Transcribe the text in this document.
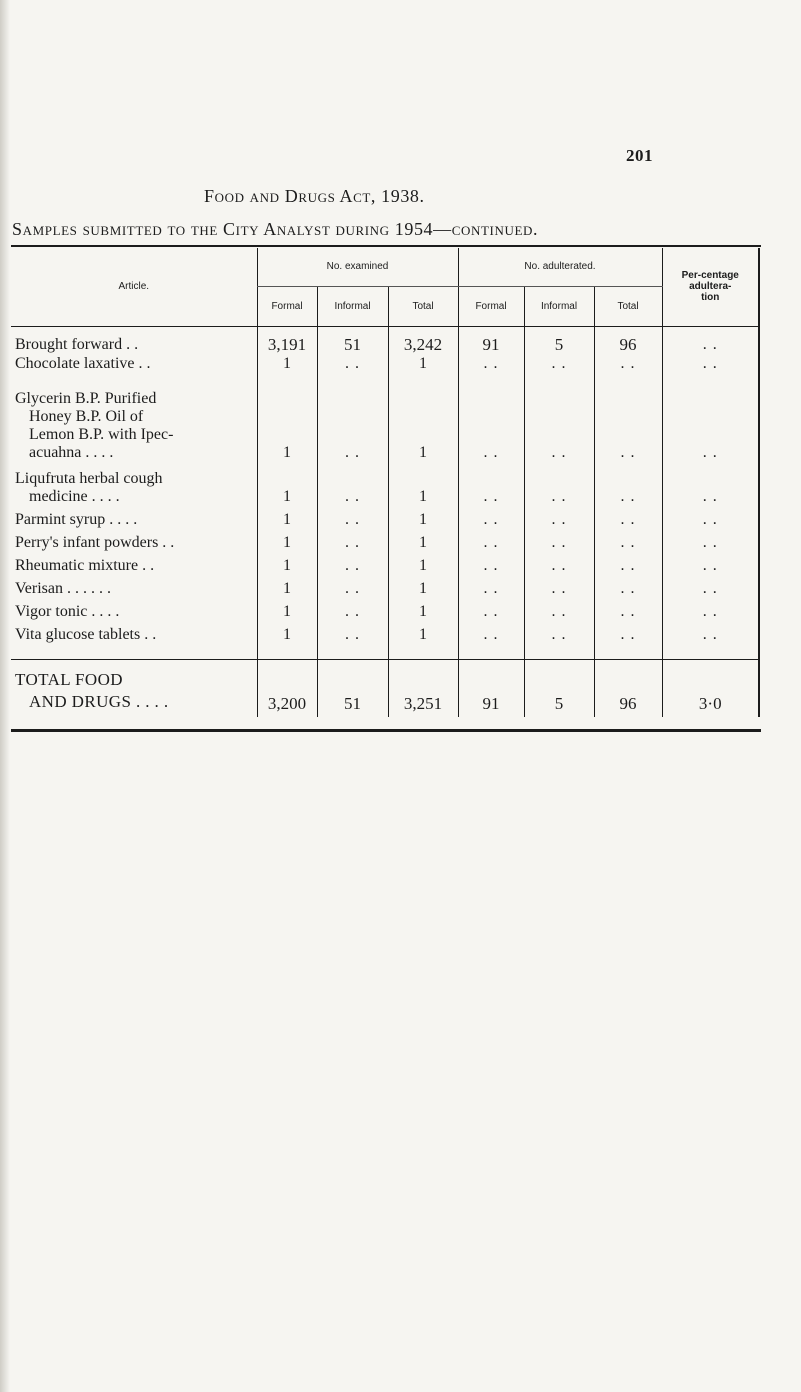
201
Food and Drugs Act, 1938.
Samples submitted to the City Analyst during 1954—continued.
Article.	No. examined			No. adulterated.			Per-centage adultera-tion
	Formal	Informal	Total	Formal	Informal	Total	
Brought forward . .	3,191	51	3,242	91	5	96	. .
Chocolate laxative . .	1	. .	1	. .	. .	. .	. .

Glycerin B.P. Purified
Honey B.P. Oil of
Lemon B.P. with Ipec-
acuahna . . . .	1	. .	1	. .	. .	. .	. .

Liqufruta herbal cough
medicine . . . .	1	. .	1	. .	. .	. .	. .
Parmint syrup . . . .	1	. .	1	. .	. .	. .	. .
Perry's infant powders . .	1	. .	1	. .	. .	. .	. .
Rheumatic mixture . .	1	. .	1	. .	. .	. .	. .
Verisan . . . . . .	1	. .	1	. .	. .	. .	. .
Vigor tonic . . . .	1	. .	1	. .	. .	. .	. .
Vita glucose tablets . .	1	. .	1	. .	. .	. .	. .

TOTAL FOOD
AND DRUGS . . . .	3,200	51	3,251	91	5	96	3·0
